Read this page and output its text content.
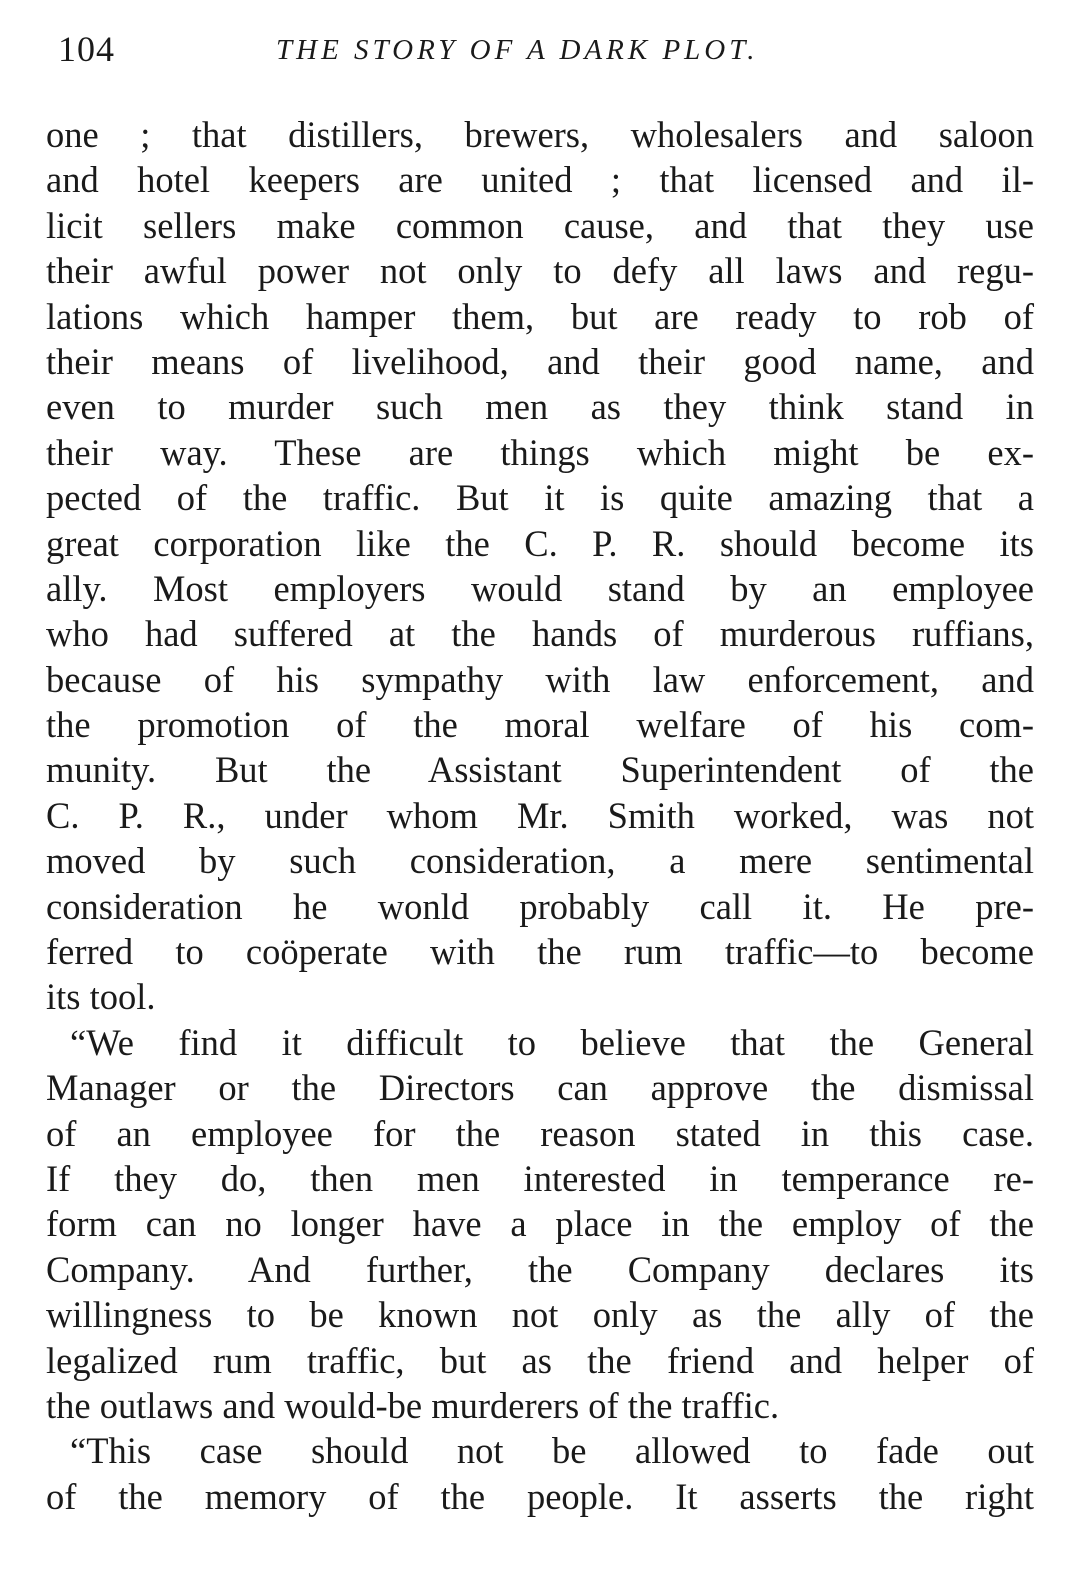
104	THE STORY OF A DARK PLOT.
one ; that distillers, brewers, wholesalers and saloon
and hotel keepers are united ; that licensed and il-
licit sellers make common cause, and that they use
their awful power not only to defy all laws and regu-
lations which hamper them, but are ready to rob of
their means of livelihood, and their good name, and
even to murder such men as they think stand in
their way. These are things which might be ex-
pected of the traffic. But it is quite amazing that a
great corporation like the C. P. R. should become its
ally. Most employers would stand by an employee
who had suffered at the hands of murderous ruffians,
because of his sympathy with law enforcement, and
the promotion of the moral welfare of his com-
munity. But the Assistant Superintendent of the
C. P. R., under whom Mr. Smith worked, was not
moved by such consideration, a mere sentimental
consideration he wonld probably call it. He pre-
ferred to coöperate with the rum traffic—to become
its tool.
“We find it difficult to believe that the General
Manager or the Directors can approve the dismissal
of an employee for the reason stated in this case.
If they do, then men interested in temperance re-
form can no longer have a place in the employ of the
Company. And further, the Company declares its
willingness to be known not only as the ally of the
legalized rum traffic, but as the friend and helper of
the outlaws and would-be murderers of the traffic.
“This case should not be allowed to fade out
of the memory of the people. It asserts the right
